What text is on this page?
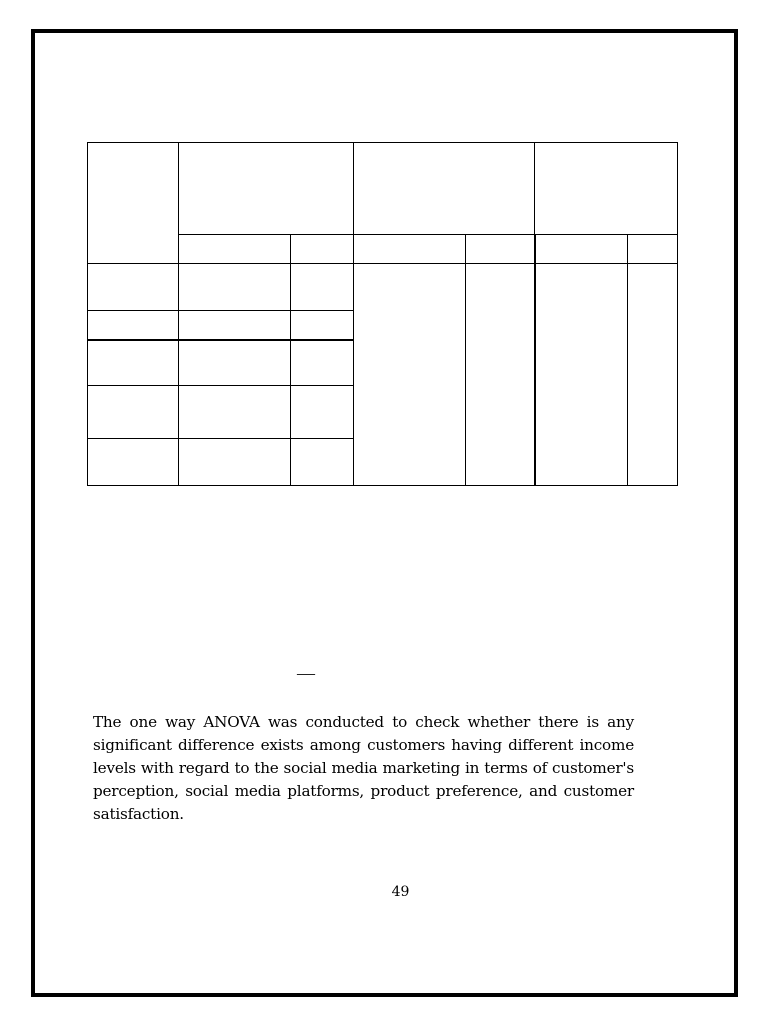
—

The one way ANOVA was conducted to check whether there is any significant difference exists among customers having different income levels with regard to the social media marketing in terms of customer's perception, social media platforms, product preference, and customer satisfaction.

49
